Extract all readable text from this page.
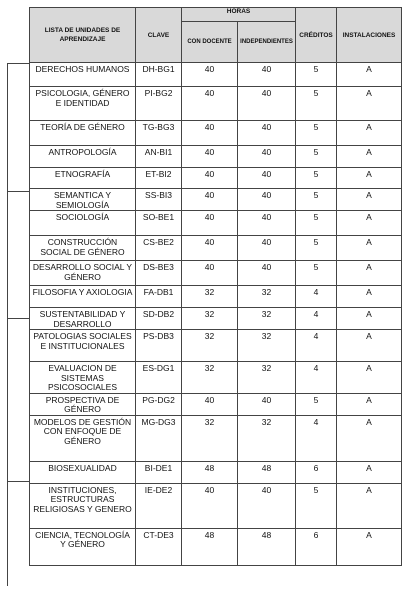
LISTA DE UNIDADES DE APRENDIZAJE	CLAVE	HORAS		CRÉDITOS	INSTALACIONES
		CON DOCENTE	INDEPENDIENTES		
DERECHOS HUMANOS	DH-BG1	40	40	5	A
PSICOLOGIA, GÉNERO E IDENTIDAD	PI-BG2	40	40	5	A
TEORÍA DE GÉNERO	TG-BG3	40	40	5	A
ANTROPOLOGÍA	AN-BI1	40	40	5	A
ETNOGRAFÍA	ET-BI2	40	40	5	A
SEMANTICA Y SEMIOLOGÍA	SS-BI3	40	40	5	A
SOCIOLOGÍA	SO-BE1	40	40	5	A
CONSTRUCCIÓN SOCIAL DE GÉNERO	CS-BE2	40	40	5	A
DESARROLLO SOCIAL Y GÉNERO	DS-BE3	40	40	5	A
FILOSOFIA Y AXIOLOGIA	FA-DB1	32	32	4	A
SUSTENTABILIDAD Y DESARROLLO	SD-DB2	32	32	4	A
PATOLOGIAS SOCIALES E INSTITUCIONALES	PS-DB3	32	32	4	A
EVALUACION DE SISTEMAS PSICOSOCIALES	ES-DG1	32	32	4	A
PROSPECTIVA DE GÉNERO	PG-DG2	40	40	5	A
MODELOS DE GESTIÓN CON ENFOQUE DE GÉNERO	MG-DG3	32	32	4	A
BIOSEXUALIDAD	BI-DE1	48	48	6	A
INSTITUCIONES, ESTRUCTURAS RELIGIOSAS Y GENERO	IE-DE2	40	40	5	A
CIENCIA, TECNOLOGÍA Y GÉNERO	CT-DE3	48	48	6	A
